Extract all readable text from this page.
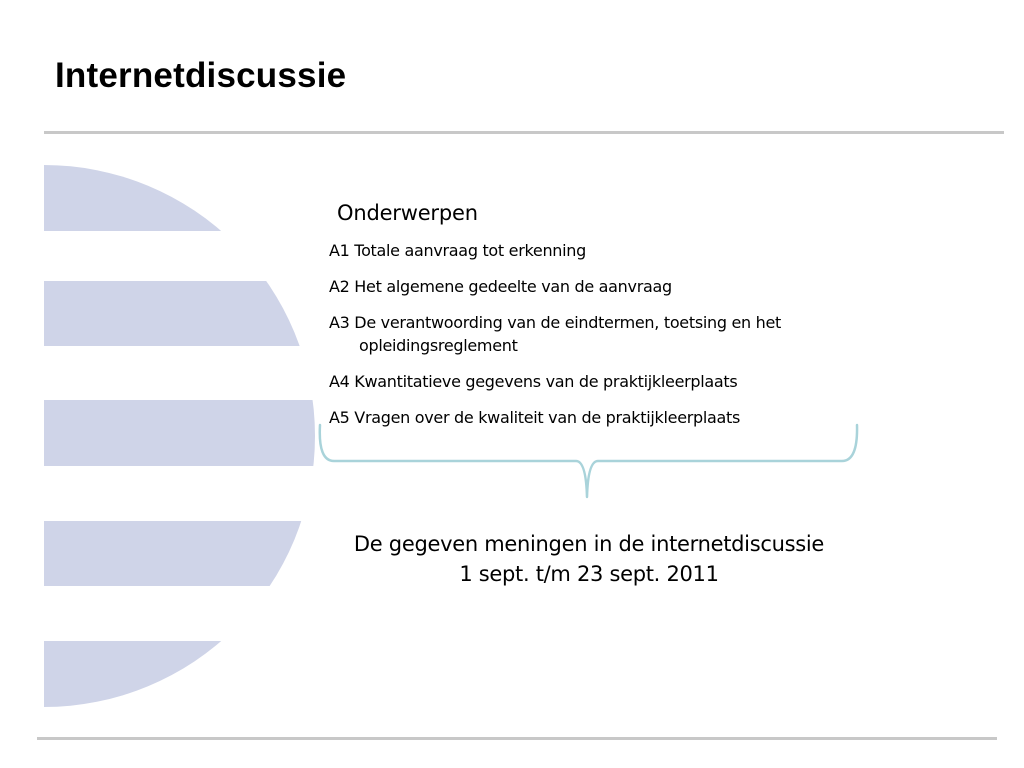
Internetdiscussie
Onderwerpen
A1 Totale aanvraag tot erkenning
A2 Het algemene gedeelte van de aanvraag
A3 De verantwoording van de eindtermen, toetsing en het opleidingsreglement
A4 Kwantitatieve gegevens van de praktijkleerplaats
A5 Vragen over de kwaliteit van de praktijkleerplaats
De gegeven meningen in de internetdiscussie
1 sept. t/m 23 sept. 2011
